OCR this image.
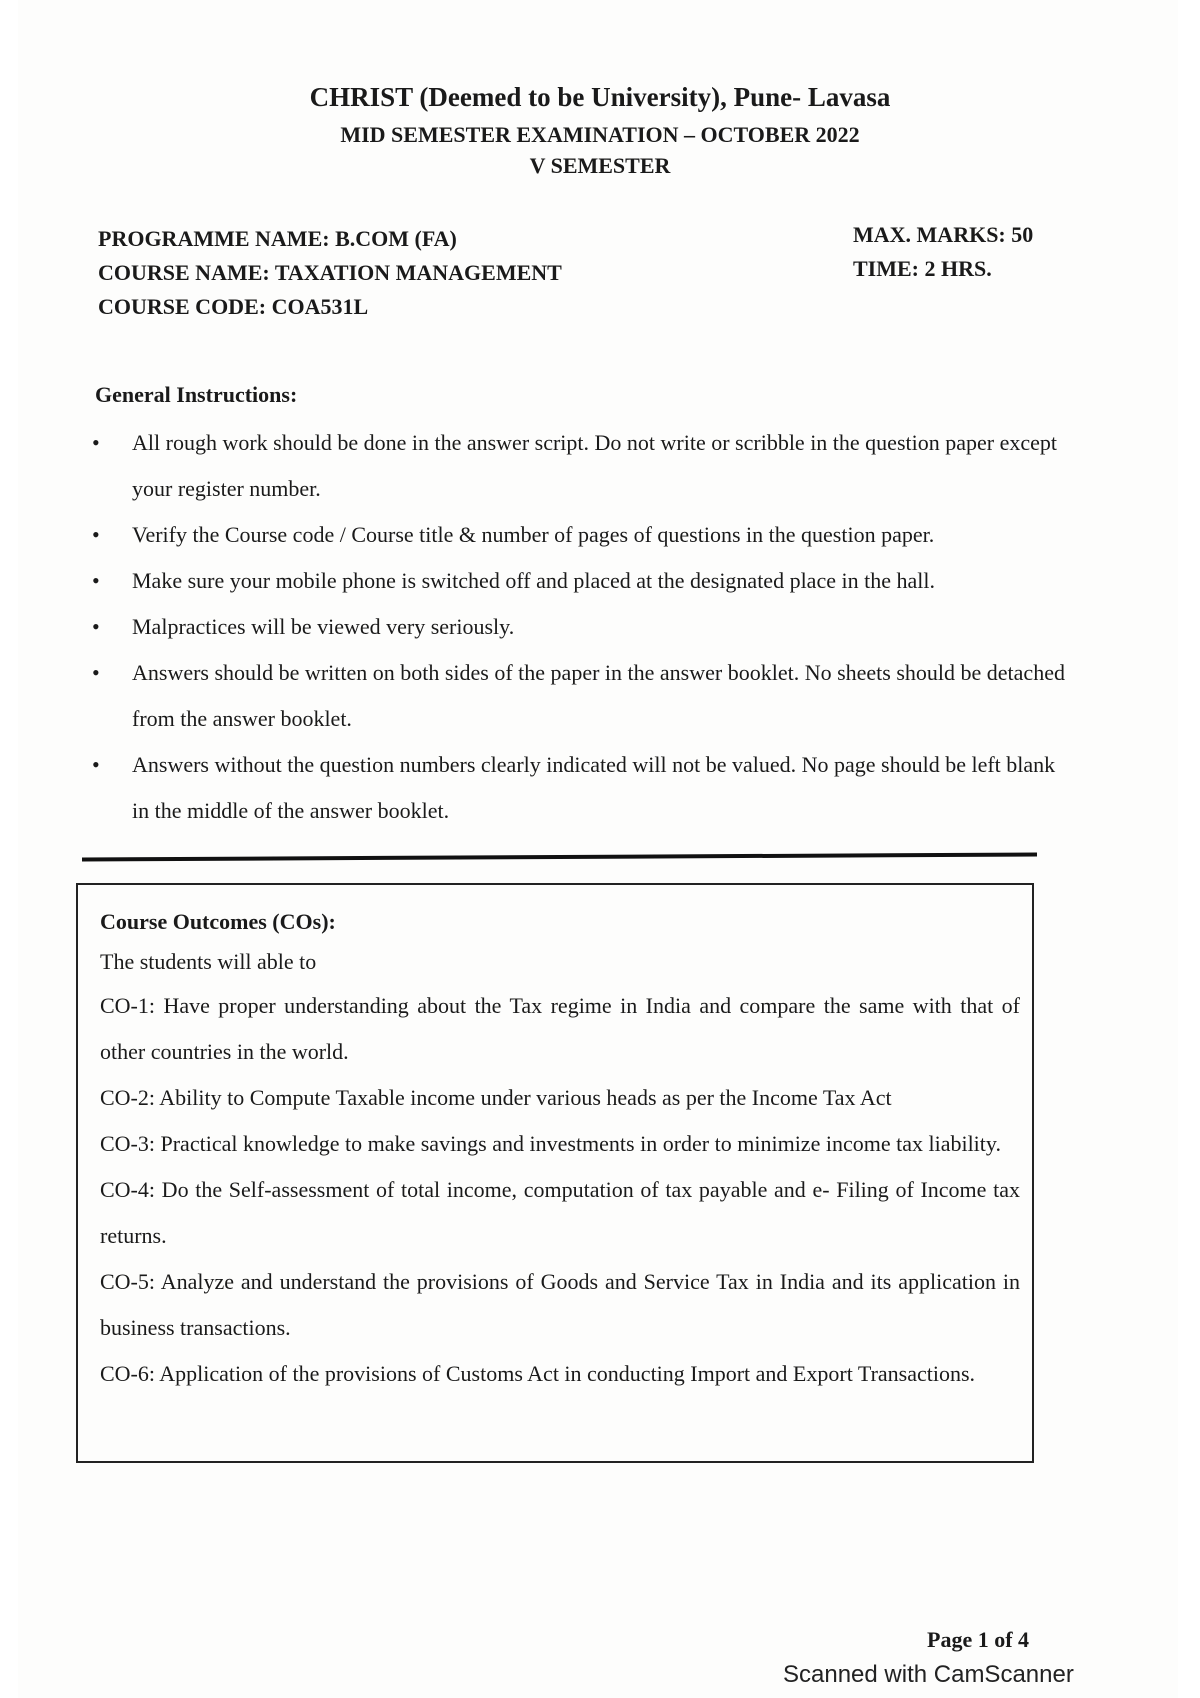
CHRIST (Deemed to be University), Pune- Lavasa
MID SEMESTER EXAMINATION – OCTOBER 2022
V SEMESTER
PROGRAMME NAME: B.COM (FA)
COURSE NAME: TAXATION MANAGEMENT
COURSE CODE: COA531L
MAX. MARKS: 50
TIME: 2 HRS.
General Instructions:
• All rough work should be done in the answer script. Do not write or scribble in the question paper except your register number.
• Verify the Course code / Course title & number of pages of questions in the question paper.
• Make sure your mobile phone is switched off and placed at the designated place in the hall.
• Malpractices will be viewed very seriously.
• Answers should be written on both sides of the paper in the answer booklet. No sheets should be detached from the answer booklet.
• Answers without the question numbers clearly indicated will not be valued. No page should be left blank in the middle of the answer booklet.
Course Outcomes (COs):
The students will able to
CO-1: Have proper understanding about the Tax regime in India and compare the same with that of other countries in the world.
CO-2: Ability to Compute Taxable income under various heads as per the Income Tax Act
CO-3: Practical knowledge to make savings and investments in order to minimize income tax liability.
CO-4: Do the Self-assessment of total income, computation of tax payable and e- Filing of Income tax returns.
CO-5: Analyze and understand the provisions of Goods and Service Tax in India and its application in business transactions.
CO-6: Application of the provisions of Customs Act in conducting Import and Export Transactions.
Page 1 of 4
Scanned with CamScanner
